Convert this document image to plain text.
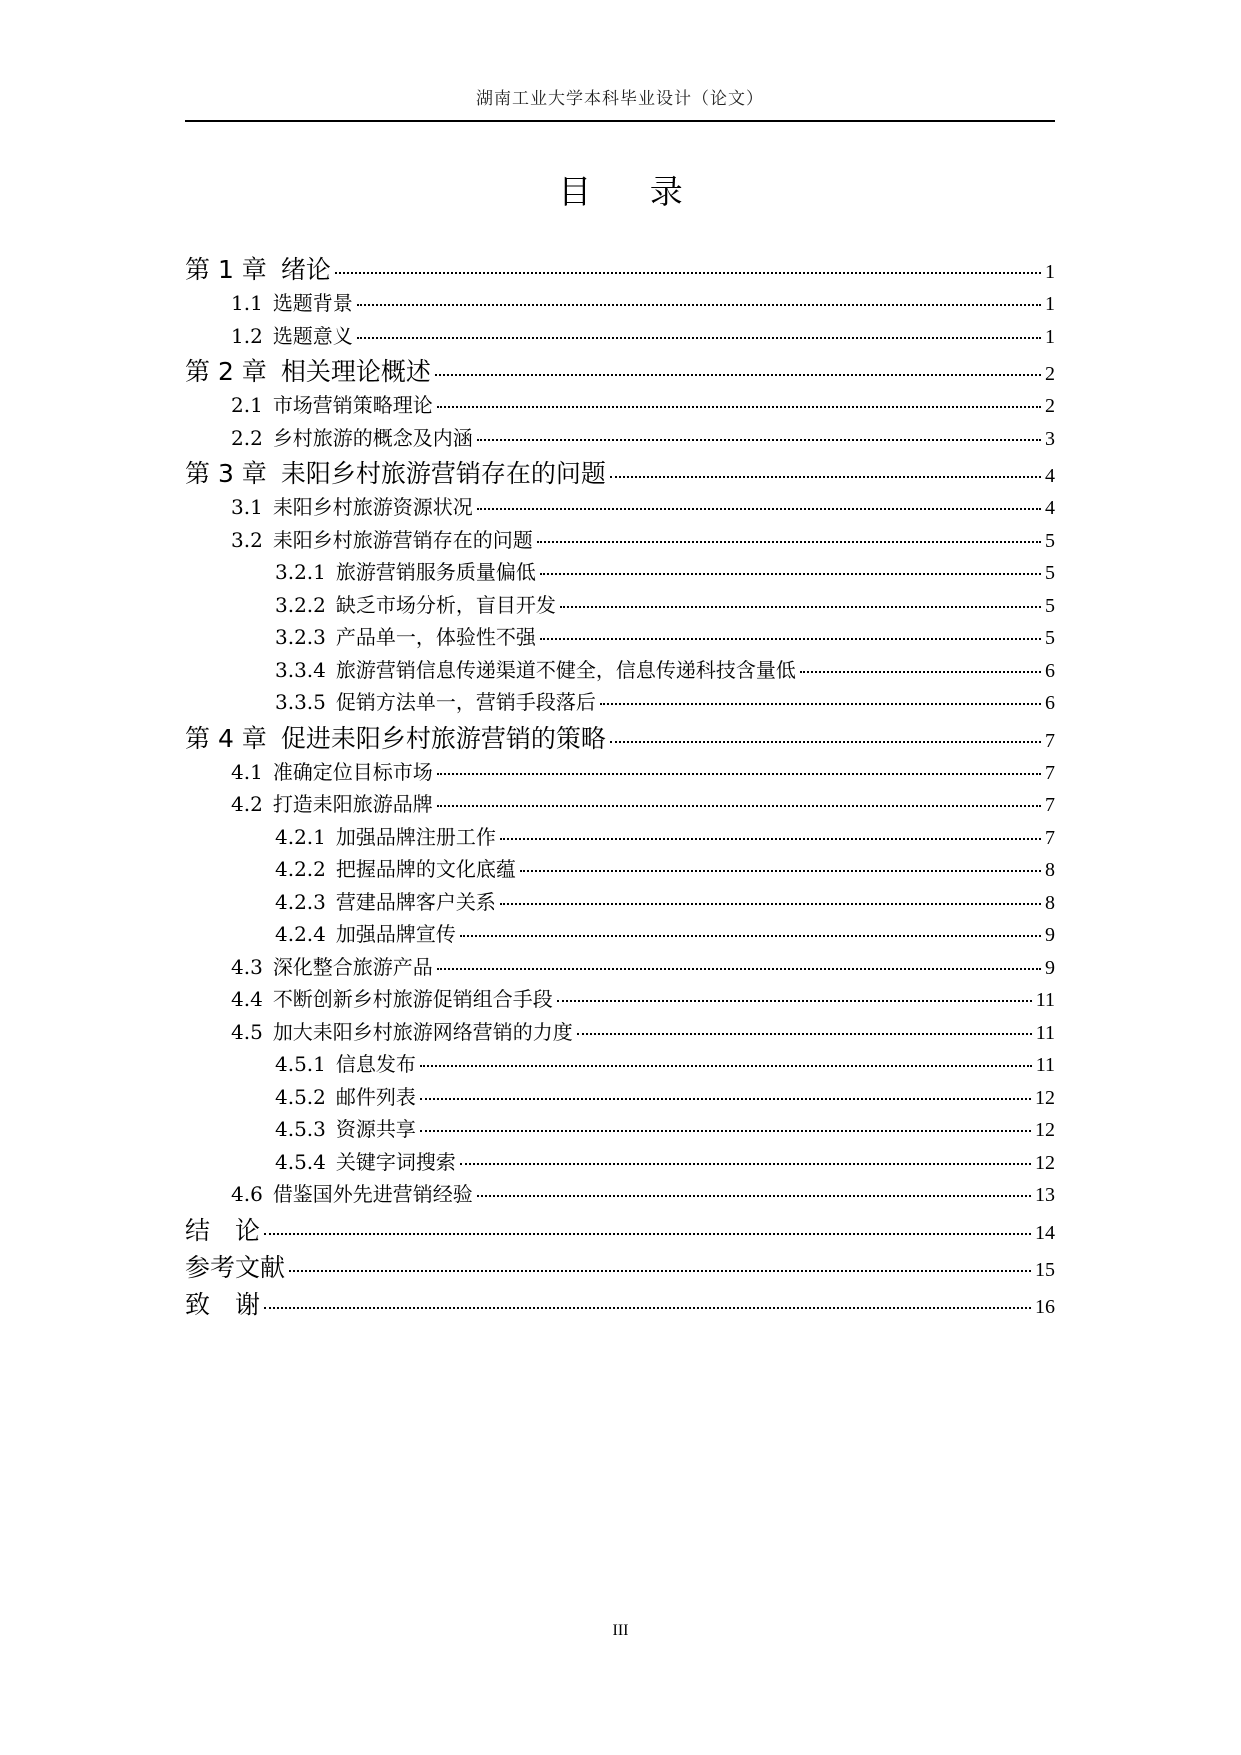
湖南工业大学本科毕业设计（论文）
目 录
第 1 章 绪论	1
1.1 选题背景	1
1.2 选题意义	1
第 2 章 相关理论概述	2
2.1 市场营销策略理论	2
2.2 乡村旅游的概念及内涵	3
第 3 章 耒阳乡村旅游营销存在的问题	4
3.1 耒阳乡村旅游资源状况	4
3.2 耒阳乡村旅游营销存在的问题	5
3.2.1 旅游营销服务质量偏低	5
3.2.2 缺乏市场分析，盲目开发	5
3.2.3 产品单一，体验性不强	5
3.3.4 旅游营销信息传递渠道不健全，信息传递科技含量低	6
3.3.5 促销方法单一，营销手段落后	6
第 4 章 促进耒阳乡村旅游营销的策略	7
4.1 准确定位目标市场	7
4.2 打造耒阳旅游品牌	7
4.2.1 加强品牌注册工作	7
4.2.2 把握品牌的文化底蕴	8
4.2.3 营建品牌客户关系	8
4.2.4 加强品牌宣传	9
4.3 深化整合旅游产品	9
4.4 不断创新乡村旅游促销组合手段	11
4.5 加大耒阳乡村旅游网络营销的力度	11
4.5.1 信息发布	11
4.5.2 邮件列表	12
4.5.3 资源共享	12
4.5.4 关键字词搜索	12
4.6 借鉴国外先进营销经验	13
结　论	14
参考文献	15
致　谢	16
III
